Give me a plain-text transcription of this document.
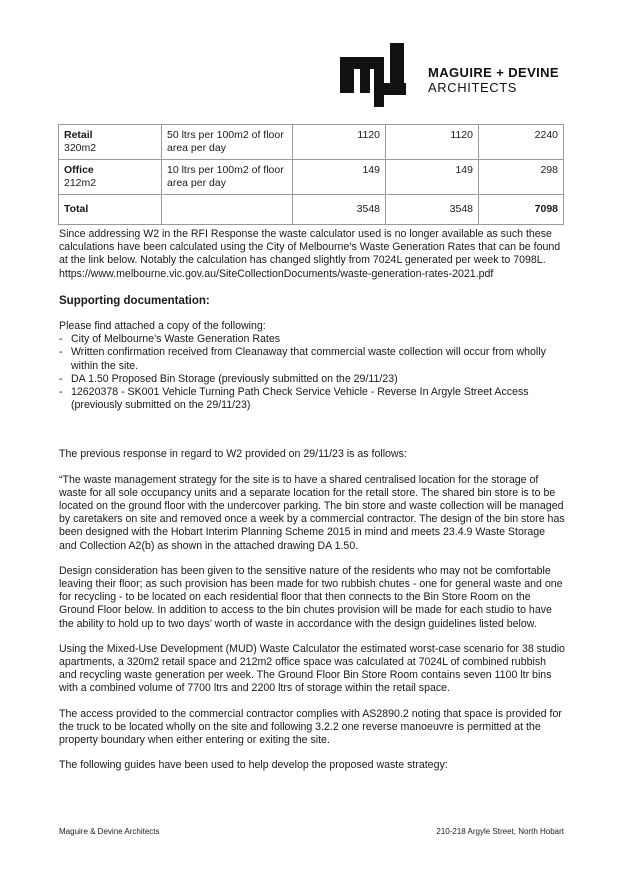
MAGUIRE + DEVINE
ARCHITECTS
Retail
320m2	50 ltrs per 100m2 of floor area per day	1120	1120	2240

Office
212m2	10 ltrs per 100m2 of floor area per day	149	149	298

Total		3548	3548	7098

Since addressing W2 in the RFI Response the waste calculator used is no longer available as such these calculations have been calculated using the City of Melbourne’s Waste Generation Rates that can be found at the link below. Notably the calculation has changed slightly from 7024L generated per week to 7098L.

https://www.melbourne.vic.gov.au/SiteCollectionDocuments/waste-generation-rates-2021.pdf

Supporting documentation:

Please find attached a copy of the following:

- City of Melbourne’s Waste Generation Rates
- Written confirmation received from Cleanaway that commercial waste collection will occur from wholly within the site.
- DA 1.50 Proposed Bin Storage (previously submitted on the 29/11/23)
- 12620378 - SK001 Vehicle Turning Path Check Service Vehicle - Reverse In Argyle Street Access (previously submitted on the 29/11/23)

The previous response in regard to W2 provided on 29/11/23 is as follows:

“The waste management strategy for the site is to have a shared centralised location for the storage of waste for all sole occupancy units and a separate location for the retail store. The shared bin store is to be located on the ground floor with the undercover parking. The bin store and waste collection will be managed by caretakers on site and removed once a week by a commercial contractor. The design of the bin store has been designed with the Hobart Interim Planning Scheme 2015 in mind and meets 23.4.9 Waste Storage and Collection A2(b) as shown in the attached drawing DA 1.50.

Design consideration has been given to the sensitive nature of the residents who may not be comfortable leaving their floor; as such provision has been made for two rubbish chutes - one for general waste and one for recycling - to be located on each residential floor that then connects to the Bin Store Room on the Ground Floor below. In addition to access to the bin chutes provision will be made for each studio to have the ability to hold up to two days’ worth of waste in accordance with the design guidelines listed below.

Using the Mixed-Use Development (MUD) Waste Calculator the estimated worst-case scenario for 38 studio apartments, a 320m2 retail space and 212m2 office space was calculated at 7024L of combined rubbish and recycling waste generation per week. The Ground Floor Bin Store Room contains seven 1100 ltr bins with a combined volume of 7700 ltrs and 2200 ltrs of storage within the retail space.

The access provided to the commercial contractor complies with AS2890.2 noting that space is provided for the truck to be located wholly on the site and following 3.2.2 one reverse manoeuvre is permitted at the property boundary when either entering or exiting the site.

The following guides have been used to help develop the proposed waste strategy:

Maguire & Devine Architects	210-218 Argyle Street, North Hobart
